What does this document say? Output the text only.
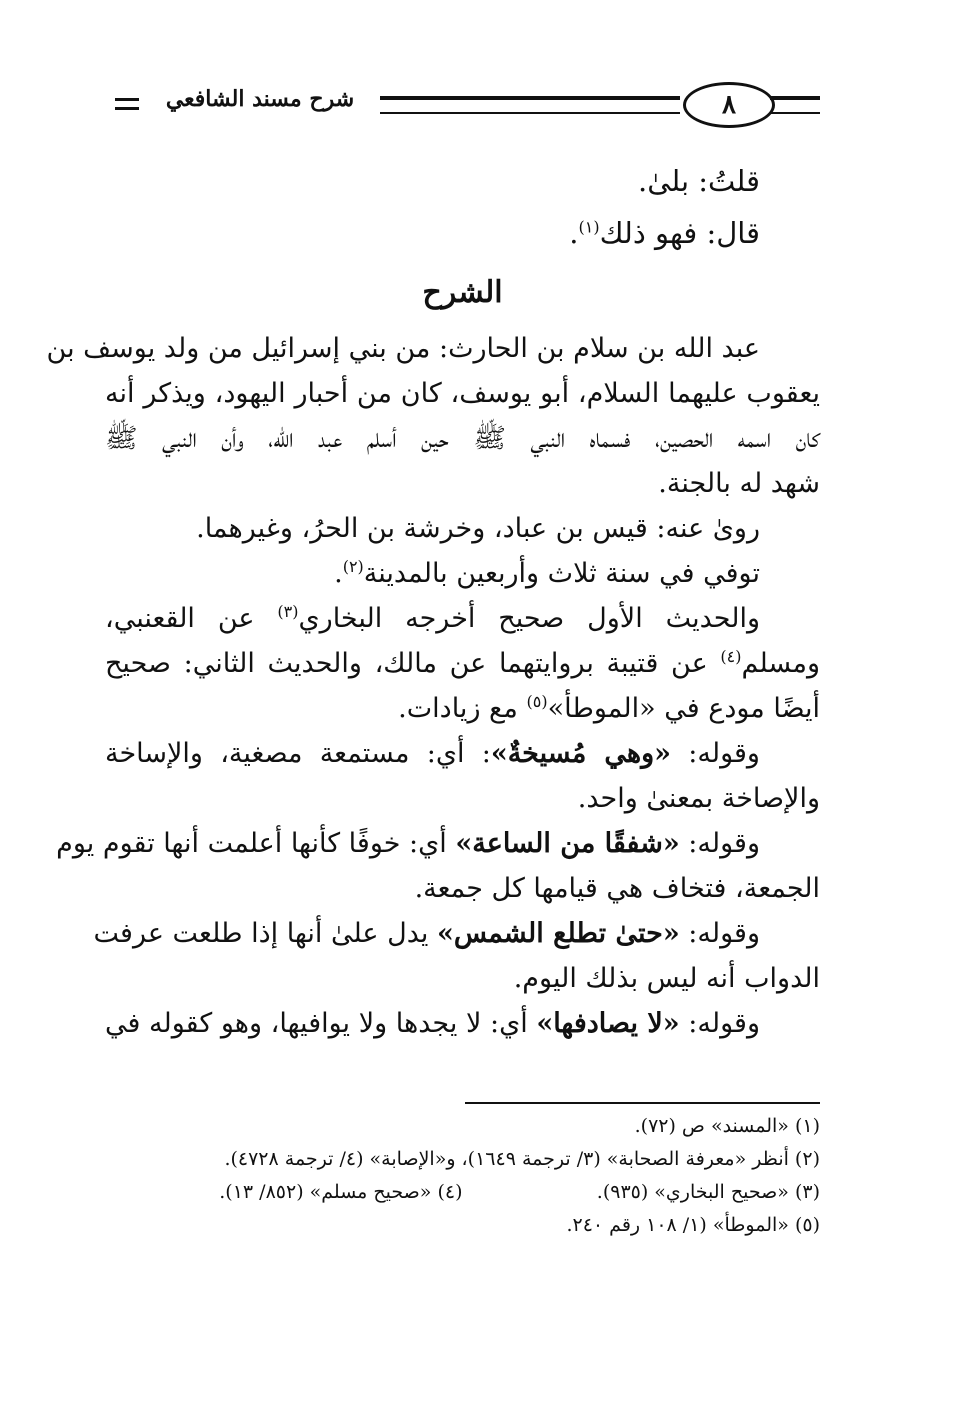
شرح مسند الشافعي	٨
قلتُ: بلىٰ.
قال: فهو ذلك$^{(١)}$.
الشرح
عبد الله بن سلام بن الحارث: من بني إسرائيل من ولد يوسف بن
يعقوب عليهما السلام، أبو يوسف، كان من أحبار اليهود، ويذكر أنه
كان اسمه الحصين، فسماه النبي ﷺ حين أسلم عبد الله، وأن النبي ﷺ
شهد له بالجنة.
روىٰ عنه: قيس بن عباد، وخرشة بن الحرُ، وغيرهما.
توفي في سنة ثلاث وأربعين بالمدينة$^{(٢)}$.
والحديث الأول صحيح أخرجه البخاري$^{(٣)}$ عن القعنبي،
ومسلم$^{(٤)}$ عن قتيبة بروايتهما عن مالك، والحديث الثاني: صحيح
أيضًا مودع في «الموطأ»$^{(٥)}$ مع زيادات.
وقوله: «وهي مُسيخةٌ»: أي: مستمعة مصغية، والإساخة
والإصاخة بمعنىٰ واحد.
وقوله: «شفقًا من الساعة» أي: خوفًا كأنها أعلمت أنها تقوم يوم
الجمعة، فتخاف هي قيامها كل جمعة.
وقوله: «حتىٰ تطلع الشمس» يدل علىٰ أنها إذا طلعت عرفت
الدواب أنه ليس بذلك اليوم.
وقوله: «لا يصادفها» أي: لا يجدها ولا يوافيها، وهو كقوله في
(١) «المسند» ص (٧٢).
(٢) أنظر «معرفة الصحابة» (٣/ ترجمة ١٦٤٩)، و«الإصابة» (٤/ ترجمة ٤٧٢٨).
(٣) «صحيح البخاري» (٩٣٥).
(٤) «صحيح مسلم» (٨٥٢/ ١٣).
(٥) «الموطأ» (١/ ١٠٨ رقم ٢٤٠.
